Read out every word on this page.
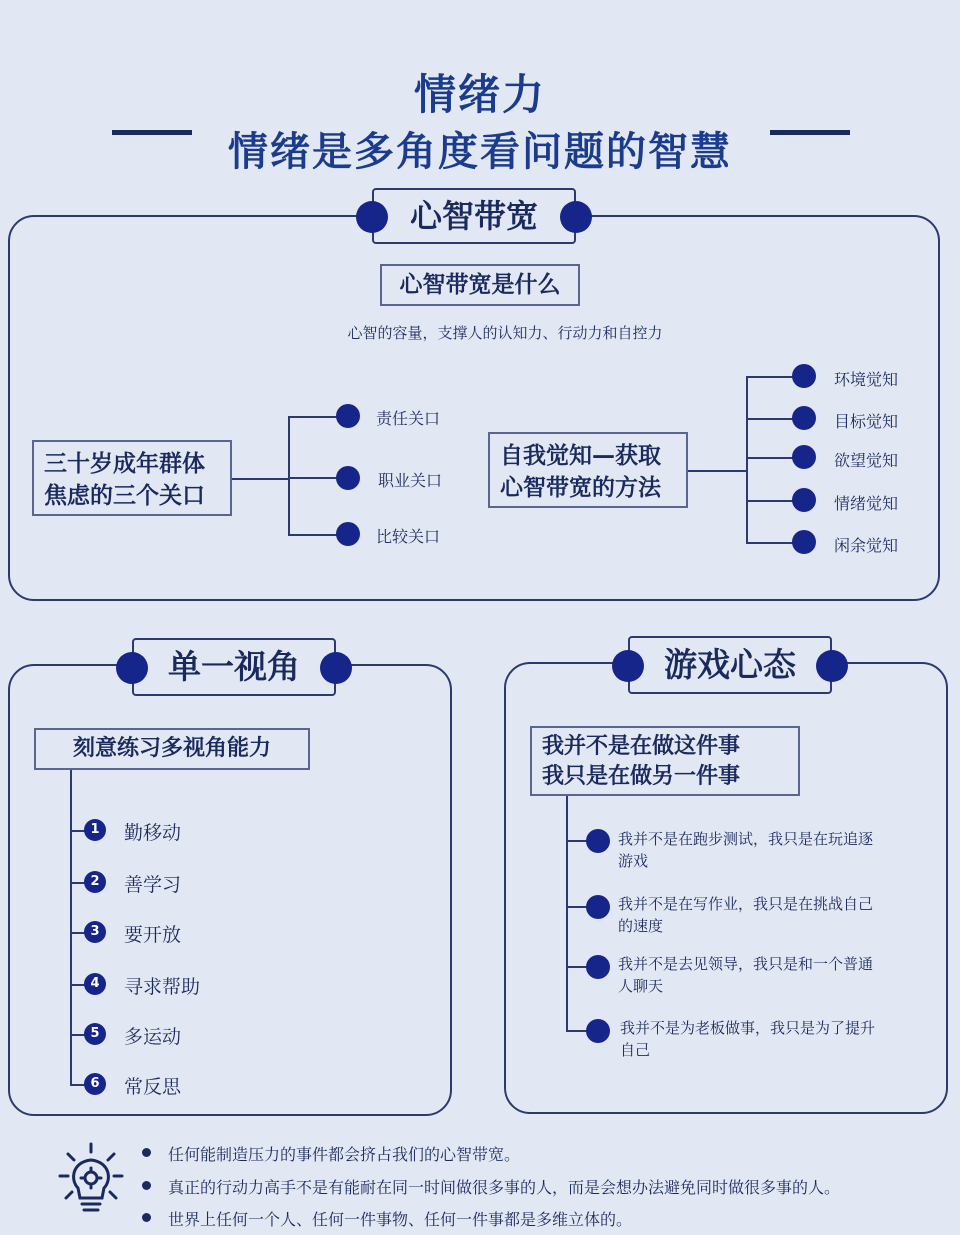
情绪力
情绪是多角度看问题的智慧
心智带宽
心智带宽是什么
心智的容量，支撑人的认知力、行动力和自控力
三十岁成年群体
焦虑的三个关口
责任关口
职业关口
比较关口
自我觉知—获取
心智带宽的方法
环境觉知
目标觉知
欲望觉知
情绪觉知
闲余觉知
单一视角
刻意练习多视角能力
1	勤移动
2	善学习
3	要开放
4	寻求帮助
5	多运动
6	常反思
游戏心态
我并不是在做这件事
我只是在做另一件事
我并不是在跑步测试，我只是在玩追逐
游戏
我并不是在写作业，我只是在挑战自己
的速度
我并不是去见领导，我只是和一个普通
人聊天
我并不是为老板做事，我只是为了提升
自己
任何能制造压力的事件都会挤占我们的心智带宽。
真正的行动力高手不是有能耐在同一时间做很多事的人，而是会想办法避免同时做很多事的人。
世界上任何一个人、任何一件事物、任何一件事都是多维立体的。
